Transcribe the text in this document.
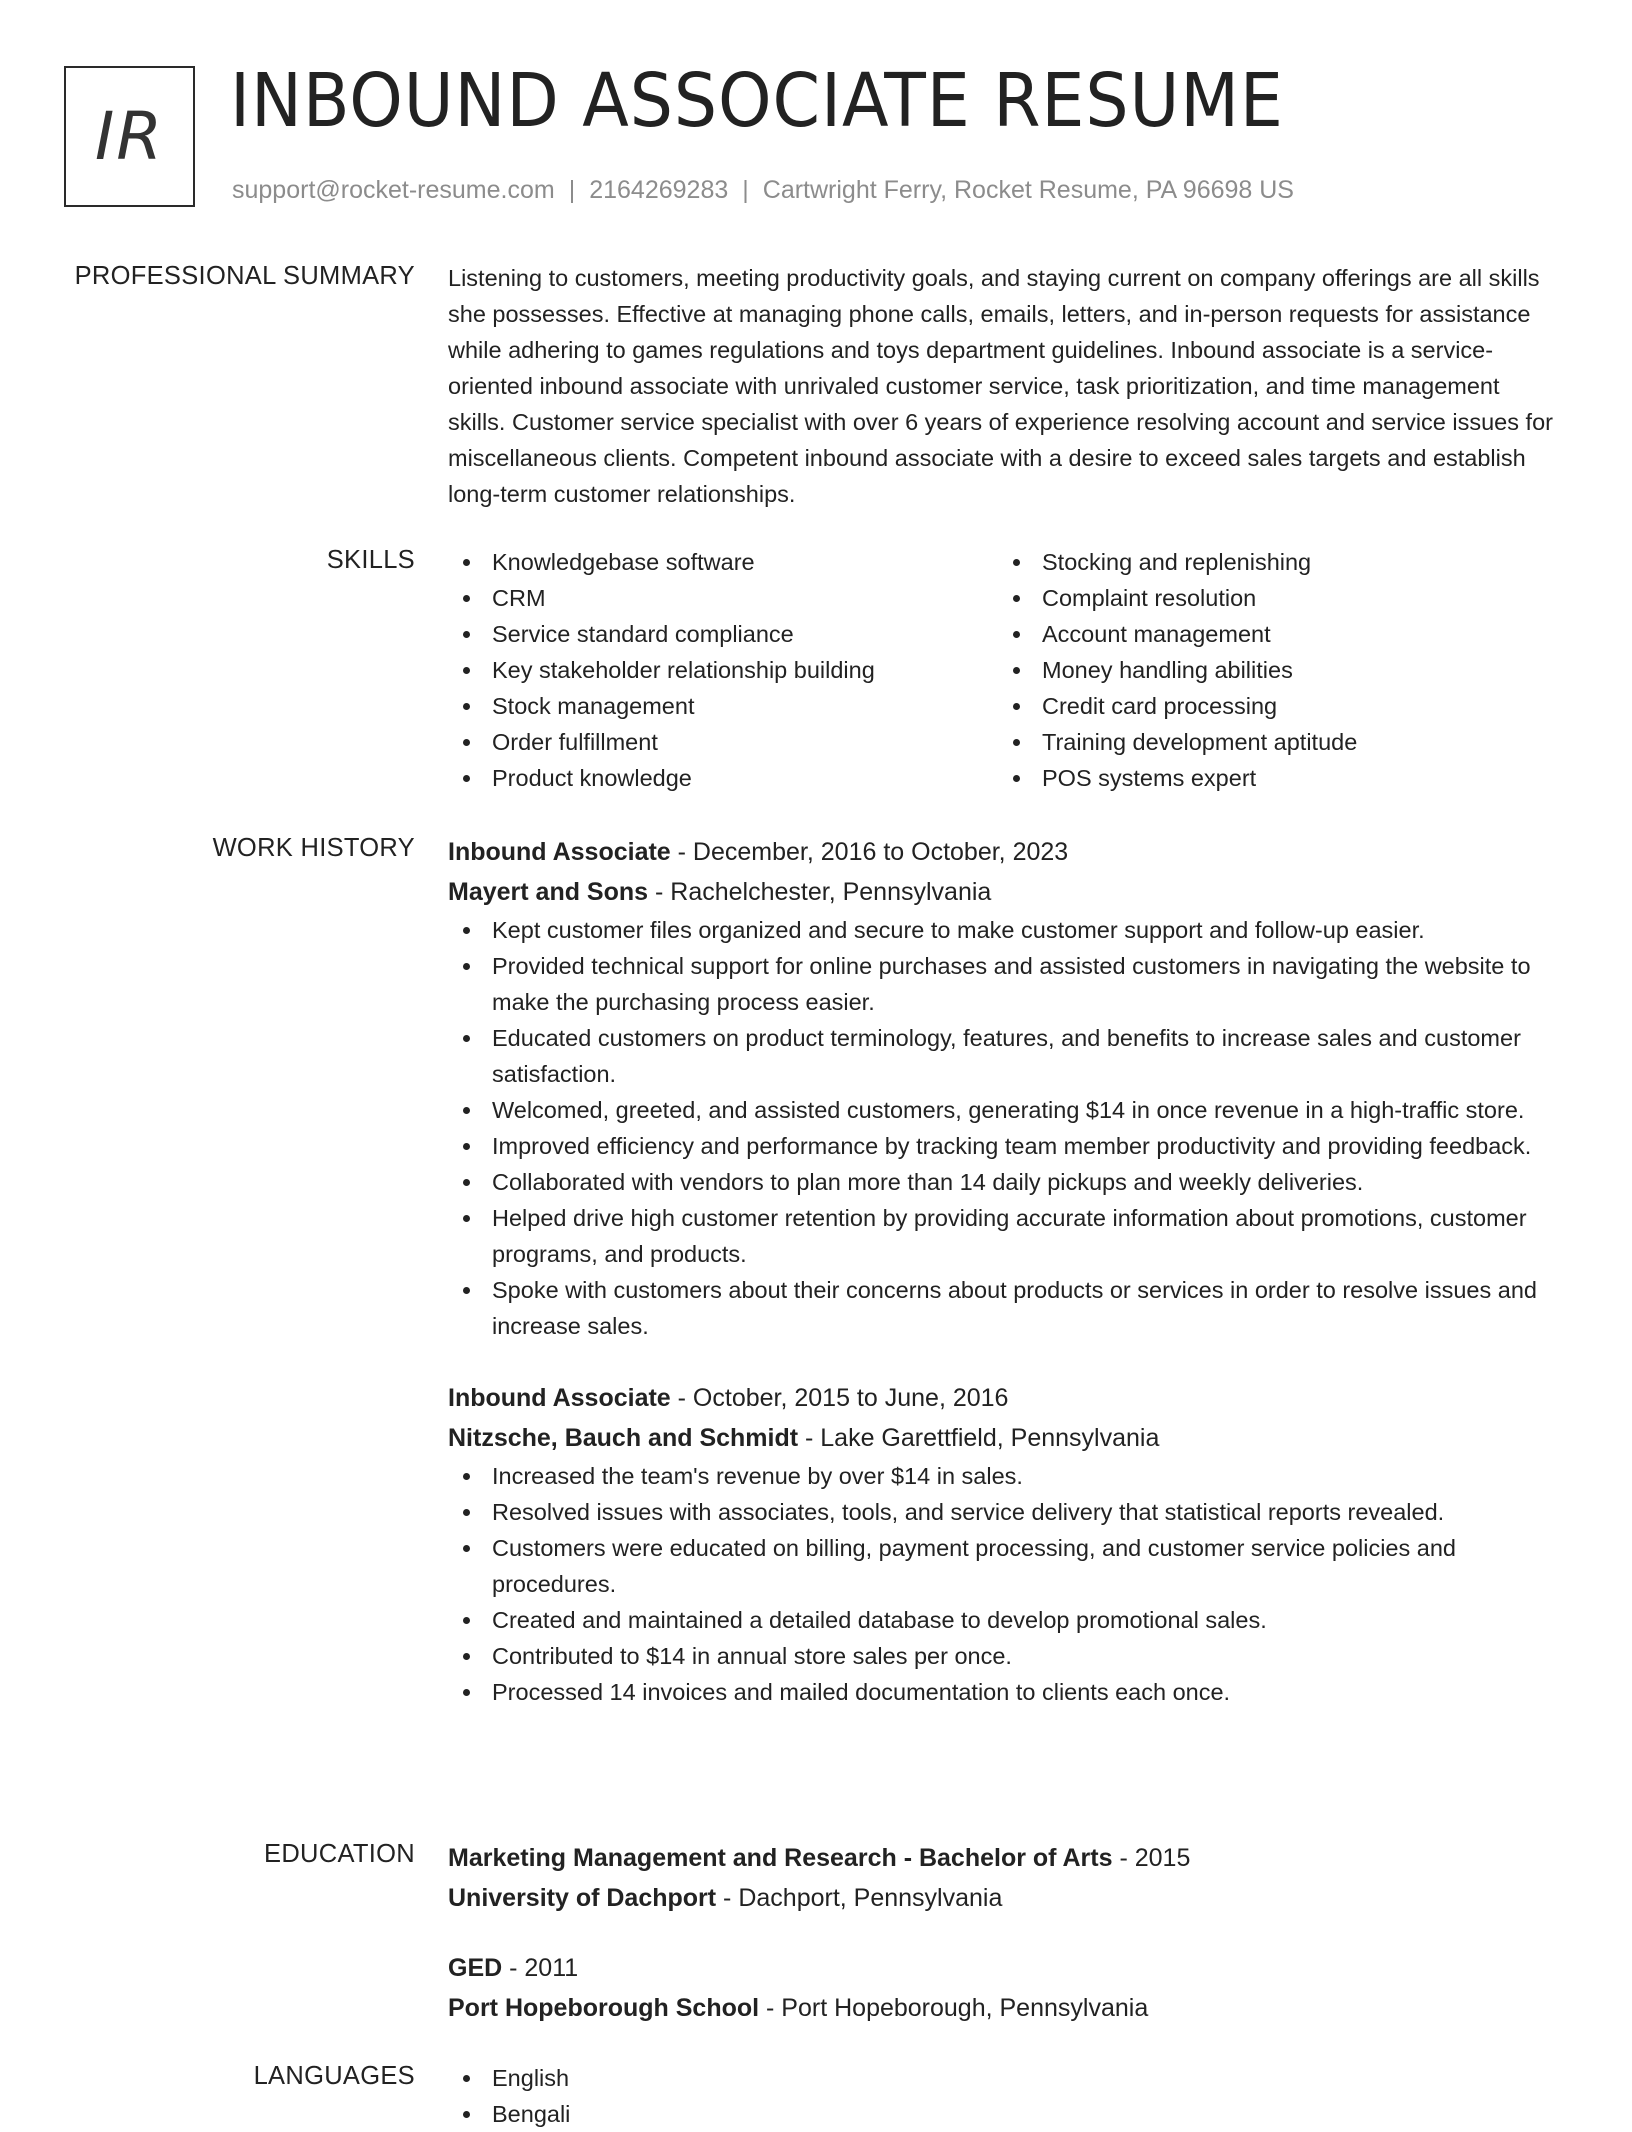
IR INBOUND ASSOCIATE RESUME
support@rocket-resume.com | 2164269283 | Cartwright Ferry, Rocket Resume, PA 96698 US
PROFESSIONAL SUMMARY Listening to customers, meeting productivity goals, and staying current on company offerings are all skills she possesses. Effective at managing phone calls, emails, letters, and in-person requests for assistance while adhering to games regulations and toys department guidelines. Inbound associate is a service-oriented inbound associate with unrivaled customer service, task prioritization, and time management skills. Customer service specialist with over 6 years of experience resolving account and service issues for miscellaneous clients. Competent inbound associate with a desire to exceed sales targets and establish long-term customer relationships.
SKILLS	Knowledgebase software
CRM
Service standard compliance
Key stakeholder relationship building
Stock management
Order fulfillment
Product knowledge
Stocking and replenishing
Complaint resolution
Account management
Money handling abilities
Credit card processing
Training development aptitude
POS systems expert
WORK HISTORY Inbound Associate - December, 2016 to October, 2023
Mayert and Sons - Rachelchester, Pennsylvania
Kept customer files organized and secure to make customer support and follow-up easier.
Provided technical support for online purchases and assisted customers in navigating the website to make the purchasing process easier.
Educated customers on product terminology, features, and benefits to increase sales and customer satisfaction.
Welcomed, greeted, and assisted customers, generating $14 in once revenue in a high-traffic store.
Improved efficiency and performance by tracking team member productivity and providing feedback.
Collaborated with vendors to plan more than 14 daily pickups and weekly deliveries.
Helped drive high customer retention by providing accurate information about promotions, customer programs, and products.
Spoke with customers about their concerns about products or services in order to resolve issues and increase sales.
Inbound Associate - October, 2015 to June, 2016
Nitzsche, Bauch and Schmidt - Lake Garettfield, Pennsylvania
Increased the team's revenue by over $14 in sales.
Resolved issues with associates, tools, and service delivery that statistical reports revealed.
Customers were educated on billing, payment processing, and customer service policies and procedures.
Created and maintained a detailed database to develop promotional sales.
Contributed to $14 in annual store sales per once.
Processed 14 invoices and mailed documentation to clients each once.
EDUCATION Marketing Management and Research - Bachelor of Arts - 2015
University of Dachport - Dachport, Pennsylvania
GED - 2011
Port Hopeborough School - Port Hopeborough, Pennsylvania
LANGUAGES	English
Bengali
